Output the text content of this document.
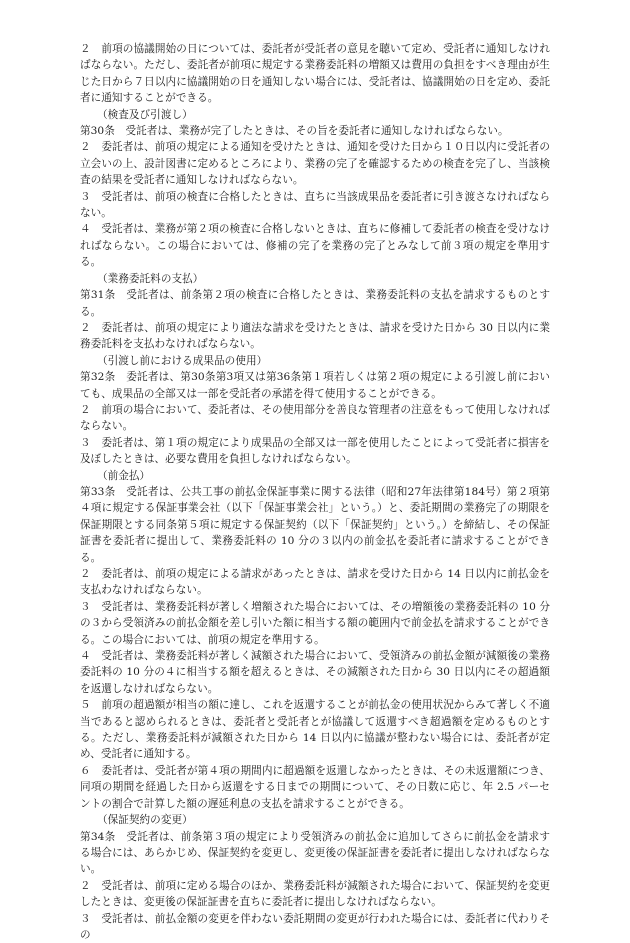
２　前項の協議開始の日については、委託者が受託者の意見を聴いて定め、受託者に通知しなければならない。ただし、委託者が前項に規定する業務委託料の増額又は費用の負担をすべき理由が生じた日から７日以内に協議開始の日を通知しない場合には、受託者は、協議開始の日を定め、委託者に通知することができる。

（検査及び引渡し）

第30条　受託者は、業務が完了したときは、その旨を委託者に通知しなければならない。

２　委託者は、前項の規定による通知を受けたときは、通知を受けた日から１０日以内に受託者の立会いの上、設計図書に定めるところにより、業務の完了を確認するための検査を完了し、当該検査の結果を受託者に通知しなければならない。

３　受託者は、前項の検査に合格したときは、直ちに当該成果品を委託者に引き渡さなければならない。

４　受託者は、業務が第２項の検査に合格しないときは、直ちに修補して委託者の検査を受けなければならない。この場合においては、修補の完了を業務の完了とみなして前３項の規定を準用する。

（業務委託料の支払）

第31条　受託者は、前条第２項の検査に合格したときは、業務委託料の支払を請求するものとする。

２　委託者は、前項の規定により適法な請求を受けたときは、請求を受けた日から 30 日以内に業務委託料を支払わなければならない。

（引渡し前における成果品の使用）

第32条　委託者は、第30条第3項又は第36条第１項若しくは第２項の規定による引渡し前においても、成果品の全部又は一部を受託者の承諾を得て使用することができる。

２　前項の場合において、委託者は、その使用部分を善良な管理者の注意をもって使用しなければならない。

３　委託者は、第１項の規定により成果品の全部又は一部を使用したことによって受託者に損害を及ぼしたときは、必要な費用を負担しなければならない。

（前金払）

第33条　受託者は、公共工事の前払金保証事業に関する法律（昭和27年法律第184号）第２項第４項に規定する保証事業会社（以下「保証事業会社」という。）と、委託期間の業務完了の期限を保証期限とする同条第５項に規定する保証契約（以下「保証契約」という。）を締結し、その保証証書を委託者に提出して、業務委託料の 10 分の３以内の前金払を委託者に請求することができる。

２　委託者は、前項の規定による請求があったときは、請求を受けた日から 14 日以内に前払金を支払わなければならない。

３　受託者は、業務委託料が著しく増額された場合においては、その増額後の業務委託料の 10 分の３から受領済みの前払金額を差し引いた額に相当する額の範囲内で前金払を請求することができる。この場合においては、前項の規定を準用する。

４　受託者は、業務委託料が著しく減額された場合において、受領済みの前払金額が減額後の業務委託料の 10 分の４に相当する額を超えるときは、その減額された日から 30 日以内にその超過額を返還しなければならない。

５　前項の超過額が相当の額に達し、これを返還することが前払金の使用状況からみて著しく不適当であると認められるときは、委託者と受託者とが協議して返還すべき超過額を定めるものとする。ただし、業務委託料が減額された日から 14 日以内に協議が整わない場合には、委託者が定め、受託者に通知する。

６　委託者は、受託者が第４項の期間内に超過額を返還しなかったときは、その未返還額につき、同項の期間を経過した日から返還をする日までの期間について、その日数に応じ、年 2.5 パーセントの割合で計算した額の遅延利息の支払を請求することができる。

（保証契約の変更）

第34条　受託者は、前条第３項の規定により受領済みの前払金に追加してさらに前払金を請求する場合には、あらかじめ、保証契約を変更し、変更後の保証証書を委託者に提出しなければならない。

２　受託者は、前項に定める場合のほか、業務委託料が減額された場合において、保証契約を変更したときは、変更後の保証証書を直ちに委託者に提出しなければならない。

３　受託者は、前払金額の変更を伴わない委託期間の変更が行われた場合には、委託者に代わりその
